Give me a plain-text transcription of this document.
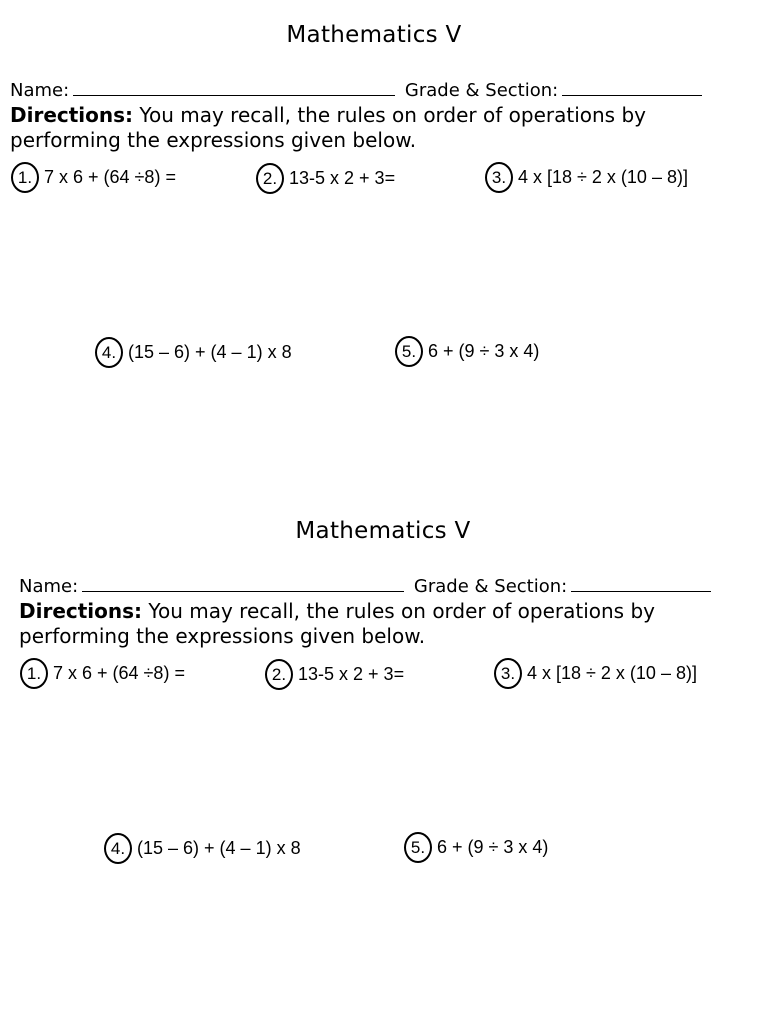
Mathematics V
Name:	Grade & Section:
Directions: You may recall, the rules on order of operations by performing the expressions given below.
1. 7 x 6 + (64 ÷8) =	2. 13-5 x 2 + 3=	3. 4 x [18 ÷ 2 x (10 – 8)]
4. (15 – 6) + (4 – 1) x 8	5. 6 + (9 ÷ 3 x 4)
Mathematics V
Name:	Grade & Section:
Directions: You may recall, the rules on order of operations by performing the expressions given below.
1. 7 x 6 + (64 ÷8) =	2. 13-5 x 2 + 3=	3. 4 x [18 ÷ 2 x (10 – 8)]
4. (15 – 6) + (4 – 1) x 8	5. 6 + (9 ÷ 3 x 4)
